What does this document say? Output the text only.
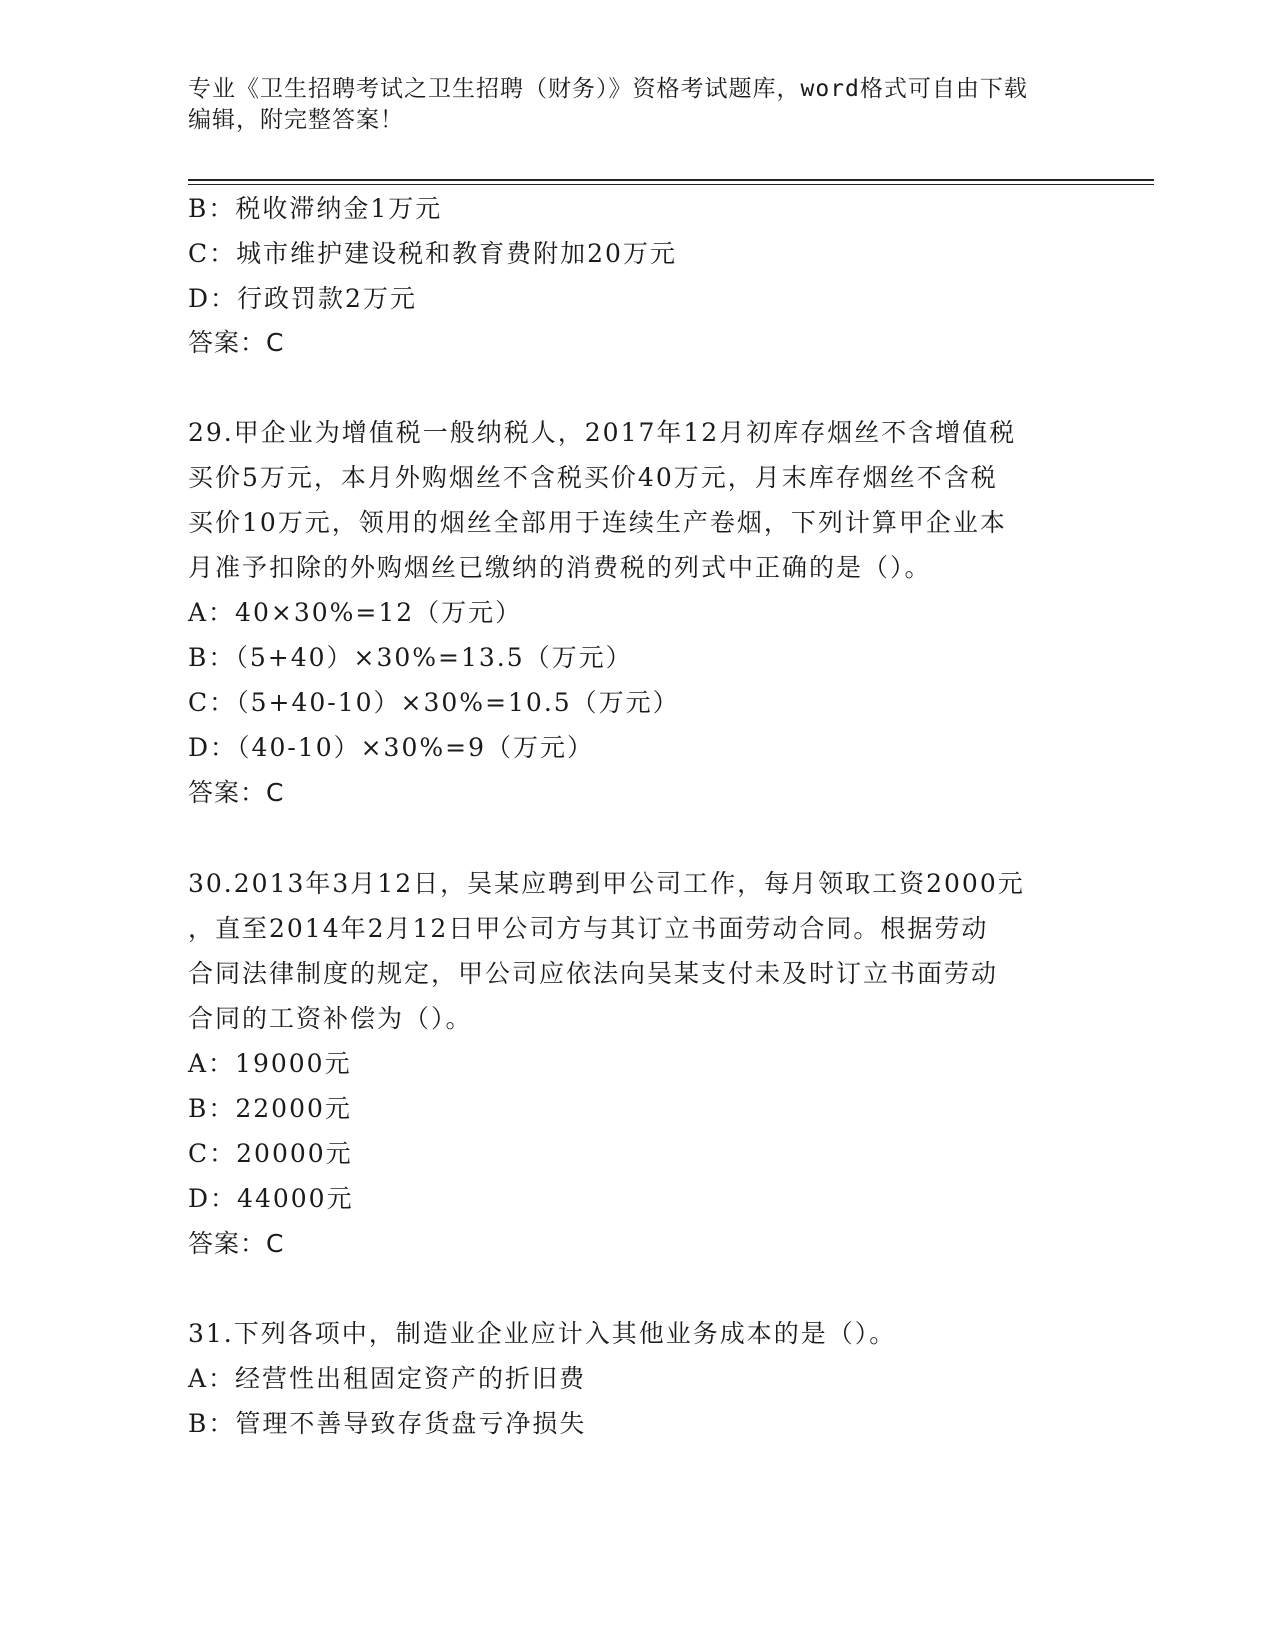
专业《卫生招聘考试之卫生招聘（财务）》资格考试题库，word格式可自由下载
编辑，附完整答案！
B：税收滞纳金1万元
C：城市维护建设税和教育费附加20万元
D：行政罚款2万元
答案：C
29.甲企业为增值税一般纳税人，2017年12月初库存烟丝不含增值税
买价5万元，本月外购烟丝不含税买价40万元，月末库存烟丝不含税
买价10万元，领用的烟丝全部用于连续生产卷烟，下列计算甲企业本
月准予扣除的外购烟丝已缴纳的消费税的列式中正确的是（）。
A：40×30%=12（万元）
B：（5+40）×30%=13.5（万元）
C：（5+40-10）×30%=10.5（万元）
D：（40-10）×30%=9（万元）
答案：C
30.2013年3月12日，吴某应聘到甲公司工作，每月领取工资2000元
，直至2014年2月12日甲公司方与其订立书面劳动合同。根据劳动
合同法律制度的规定，甲公司应依法向吴某支付未及时订立书面劳动
合同的工资补偿为（）。
A：19000元
B：22000元
C：20000元
D：44000元
答案：C
31.下列各项中，制造业企业应计入其他业务成本的是（）。
A：经营性出租固定资产的折旧费
B：管理不善导致存货盘亏净损失
